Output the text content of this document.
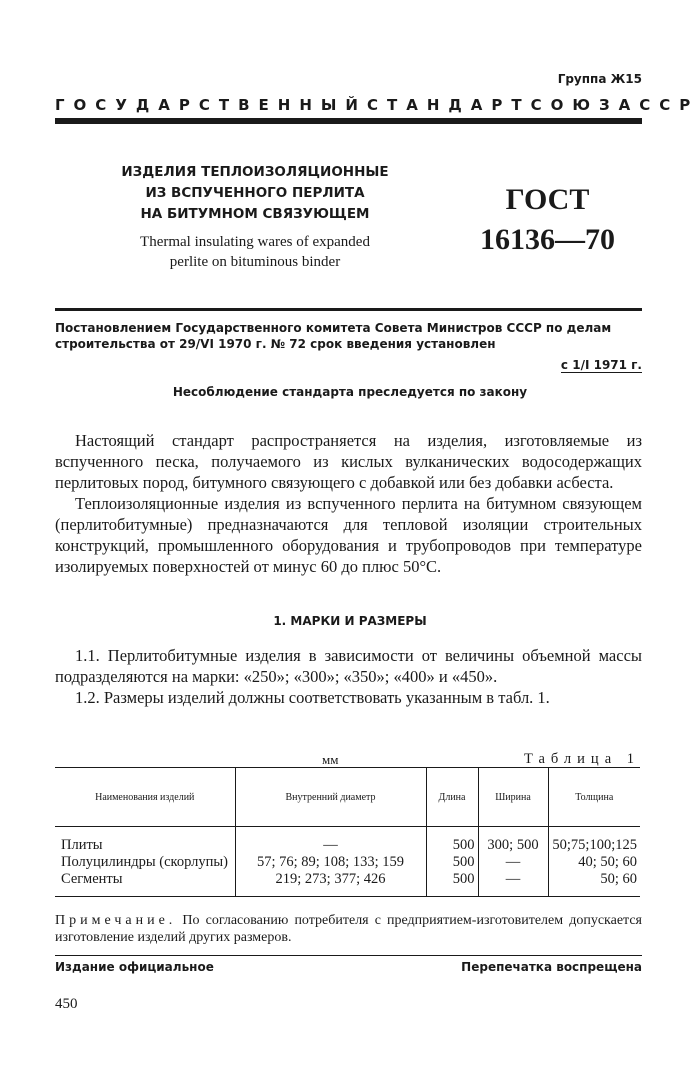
Группа Ж15
ГОСУДАРСТВЕННЫЙ СТАНДАРТ СОЮЗА ССР
ИЗДЕЛИЯ ТЕПЛОИЗОЛЯЦИОННЫЕ
ИЗ ВСПУЧЕННОГО ПЕРЛИТА
НА БИТУМНОМ СВЯЗУЮЩЕМ
Thermal insulating wares of expanded
perlite on bituminous binder
ГОСТ
16136—70
Постановлением Государственного комитета Совета Министров СССР по делам строительства от 29/VI 1970 г. № 72 срок введения установлен
с 1/I 1971 г.
Несоблюдение стандарта преследуется по закону

Настоящий стандарт распространяется на изделия, изготовляемые из вспученного песка, получаемого из кислых вулканических водосодержащих перлитовых пород, битумного связующего с добавкой или без добавки асбеста.

Теплоизоляционные изделия из вспученного перлита на битумном связующем (перлитобитумные) предназначаются для тепловой изоляции строительных конструкций, промышленного оборудования и трубопроводов при температуре изолируемых поверхностей от минус 60 до плюс 50°С.

1. МАРКИ И РАЗМЕРЫ

1.1. Перлитобитумные изделия в зависимости от величины объемной массы подразделяются на марки: «250»; «300»; «350»; «400» и «450».

1.2. Размеры изделий должны соответствовать указанным в табл. 1.

мм	Таблица 1
Наименования изделий	Внутренний диаметр	Длина	Ширина	Толщина

Плиты	—	500	300; 500	50;75;100;125
Полуцилиндры (скорлупы)	57; 76; 89; 108; 133; 159	500	—	40; 50; 60
Сегменты	219; 273; 377; 426	500	—	50; 60
Примечание. По согласованию потребителя с предприятием-изготовителем допускается изготовление изделий других размеров.
Издание официальное	Перепечатка воспрещена
450
